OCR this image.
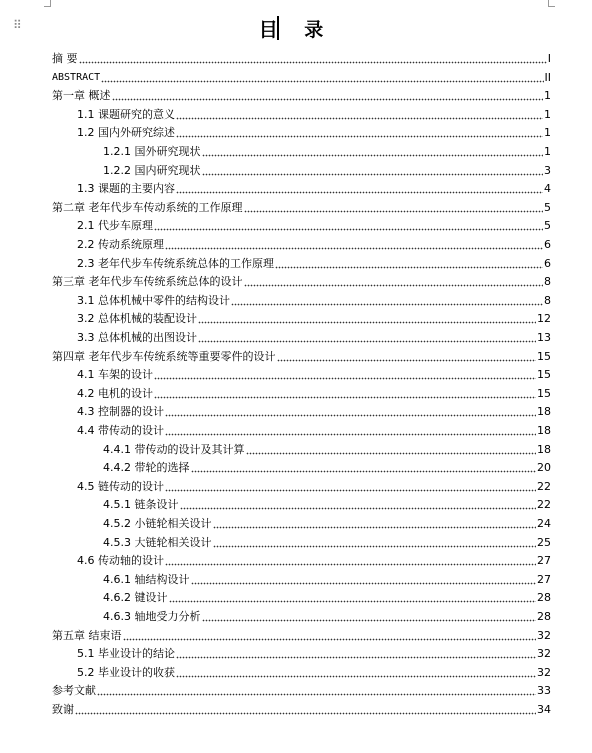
⠿	目 录
摘 要	I
ABSTRACT	II
第一章 概述	1
1.1 课题研究的意义	1
1.2 国内外研究综述	1
1.2.1 国外研究现状	1
1.2.2 国内研究现状	3
1.3 课题的主要内容	4
第二章 老年代步车传动系统的工作原理	5
2.1 代步车原理	5
2.2 传动系统原理	6
2.3 老年代步车传统系统总体的工作原理	6
第三章 老年代步车传统系统总体的设计	8
3.1 总体机械中零件的结构设计	8
3.2 总体机械的装配设计	12
3.3 总体机械的出图设计	13
第四章 老年代步车传统系统等重要零件的设计	15
4.1 车架的设计	15
4.2 电机的设计	15
4.3 控制器的设计	18
4.4 带传动的设计	18
4.4.1 带传动的设计及其计算	18
4.4.2 带轮的选择	20
4.5 链传动的设计	22
4.5.1 链条设计	22
4.5.2 小链轮相关设计	24
4.5.3 大链轮相关设计	25
4.6 传动轴的设计	27
4.6.1 轴结构设计	27
4.6.2 键设计	28
4.6.3 轴地受力分析	28
第五章 结束语	32
5.1 毕业设计的结论	32
5.2 毕业设计的收获	32
参考文献	33
致谢	34
